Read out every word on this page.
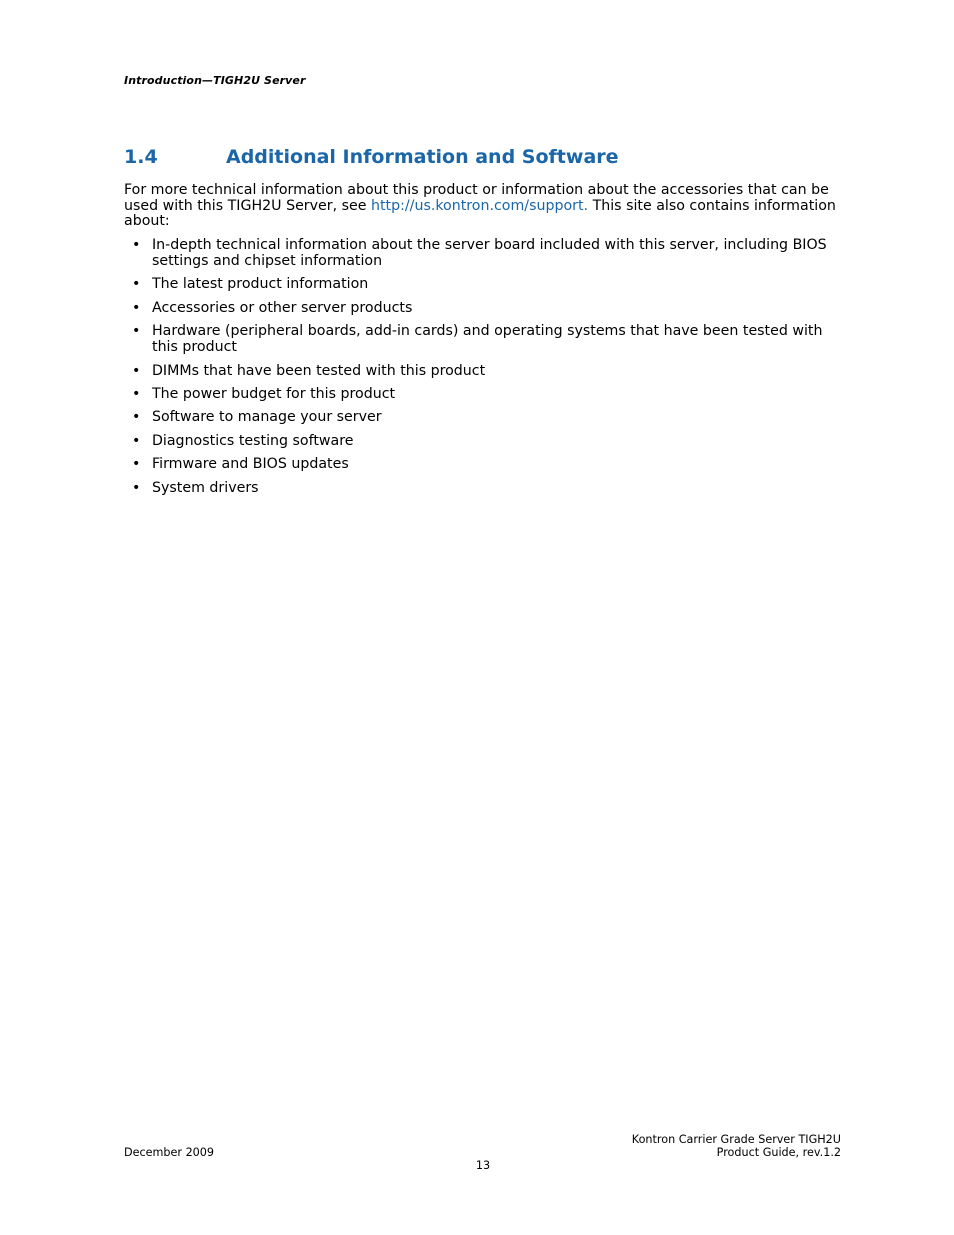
Introduction—TIGH2U Server
1.4	Additional Information and Software

For more technical information about this product or information about the accessories that can be used with this TIGH2U Server, see http://us.kontron.com/support. This site also contains information about:

• In-depth technical information about the server board included with this server, including BIOS settings and chipset information
• The latest product information
• Accessories or other server products
• Hardware (peripheral boards, add-in cards) and operating systems that have been tested with this product
• DIMMs that have been tested with this product
• The power budget for this product
• Software to manage your server
• Diagnostics testing software
• Firmware and BIOS updates
• System drivers
December 2009
Kontron Carrier Grade Server TIGH2U
Product Guide, rev.1.2
13
